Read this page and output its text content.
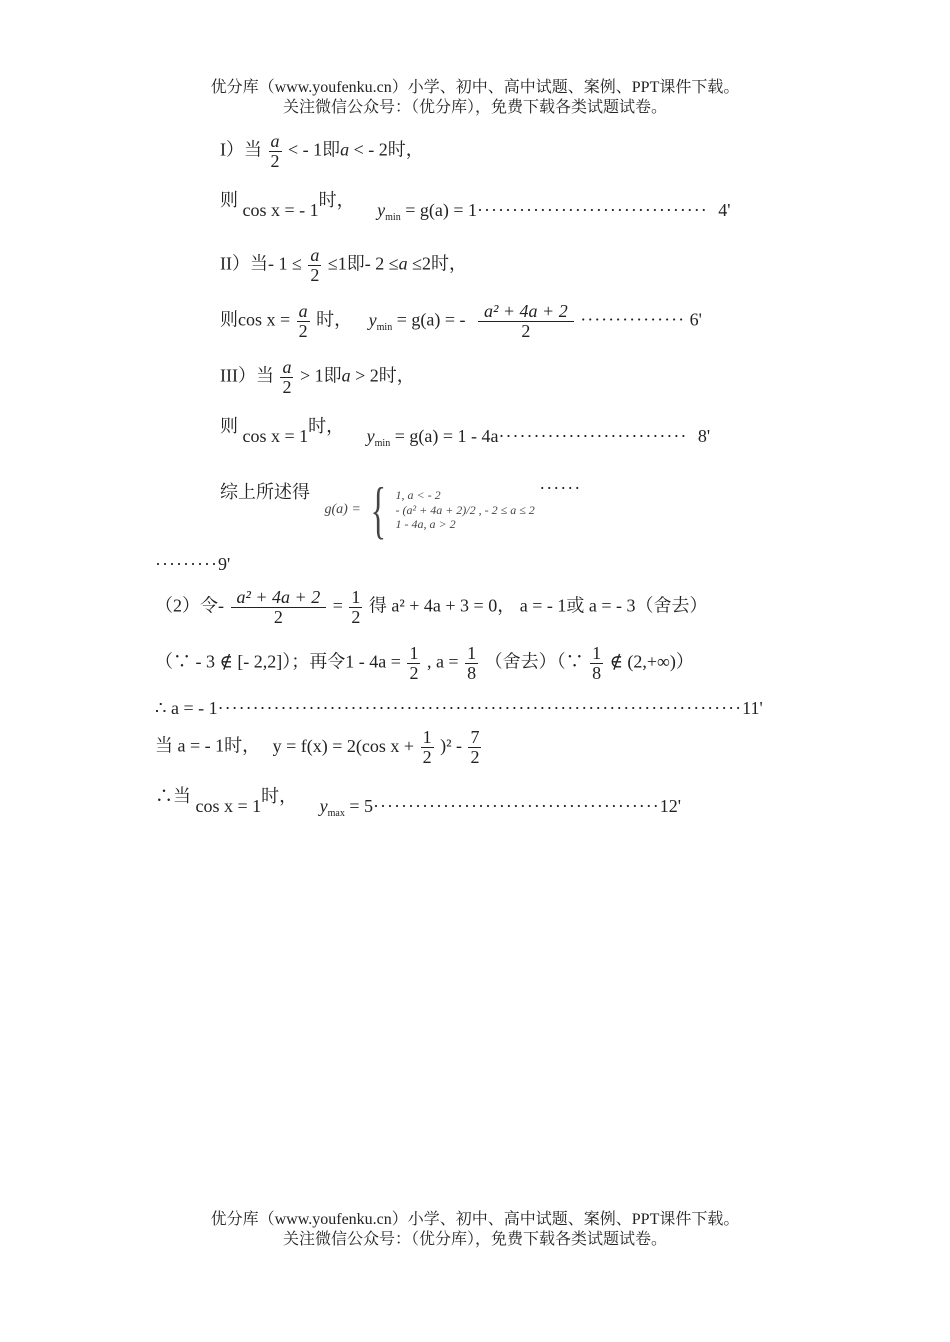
优分库（www.youfenku.cn）小学、初中、高中试题、案例、PPT课件下载。
关注微信公众号：（优分库），免费下载各类试题试卷。
I）当 $\frac{a}{2}$ < - 1即a < - 2时，
则 cos x = - 1时， $y_{min} = g(a) = 1\cdot\cdot\cdot\cdot\cdot\cdot\cdot\cdot\cdot\cdot\cdot\cdot\cdot\cdot\cdot\cdot\cdot\cdot\cdot\cdot\cdot\cdot\cdot\cdot\cdot\cdot\cdot\cdot\cdot\cdot\cdot\cdot\cdot 4'$
II）当- $1 \le \frac{a}{2} \le 1$即- 2 ≤a ≤2时，
则$\cos x = \frac{a}{2}$ 时， $y_{min} = g(a)$ = - $\frac{\text{a² + 4a + 2}}{2}$ ··············· 6'
III）当 $\frac{a}{2} > 1$即a > 2时，
则 cos x = 1时， $y_{min} = g(a) = 1 - 4a\cdot\cdot\cdot\cdot\cdot\cdot\cdot\cdot\cdot\cdot\cdot\cdot\cdot\cdot\cdot\cdot\cdot\cdot\cdot\cdot\cdot\cdot\cdot\cdot\cdot\cdot\cdot 8'$
综上所述得
g(a) = { 1, a < - 2
- (a² + 4a + 2)/2 , - 2 ≤ a ≤ 2
1 - 4a, a > 2
······
·········9'
（2）令- $\frac{\text{a² + 4a + 2}}{2} = \frac{1}{2}$ 得 a² + 4a + 3 = 0， a = - 1或 a = - 3（舍去）
（∵ - 3 ∉ [- 2,2]）；再令$1 - 4a = \frac{1}{2}$ , $a = \frac{1}{8}$ （舍去）（∵ $\frac{1}{8}$ ∉ (2,+∞)）
∴ a = - 1···········································································11'
当 a = - 1时， y = f(x) = 2(cos $x + \frac{1}{2} )^2 - \frac{7}{2}$
∴当 cos x = 1时， $y_{max} = 5\cdot\cdot\cdot\cdot\cdot\cdot\cdot\cdot\cdot\cdot\cdot\cdot\cdot\cdot\cdot\cdot\cdot\cdot\cdot\cdot\cdot\cdot\cdot\cdot\cdot\cdot\cdot\cdot\cdot\cdot\cdot\cdot\cdot\cdot\cdot\cdot\cdot\cdot\cdot\cdot\cdot 12'$
优分库（www.youfenku.cn）小学、初中、高中试题、案例、PPT课件下载。
关注微信公众号：（优分库），免费下载各类试题试卷。
